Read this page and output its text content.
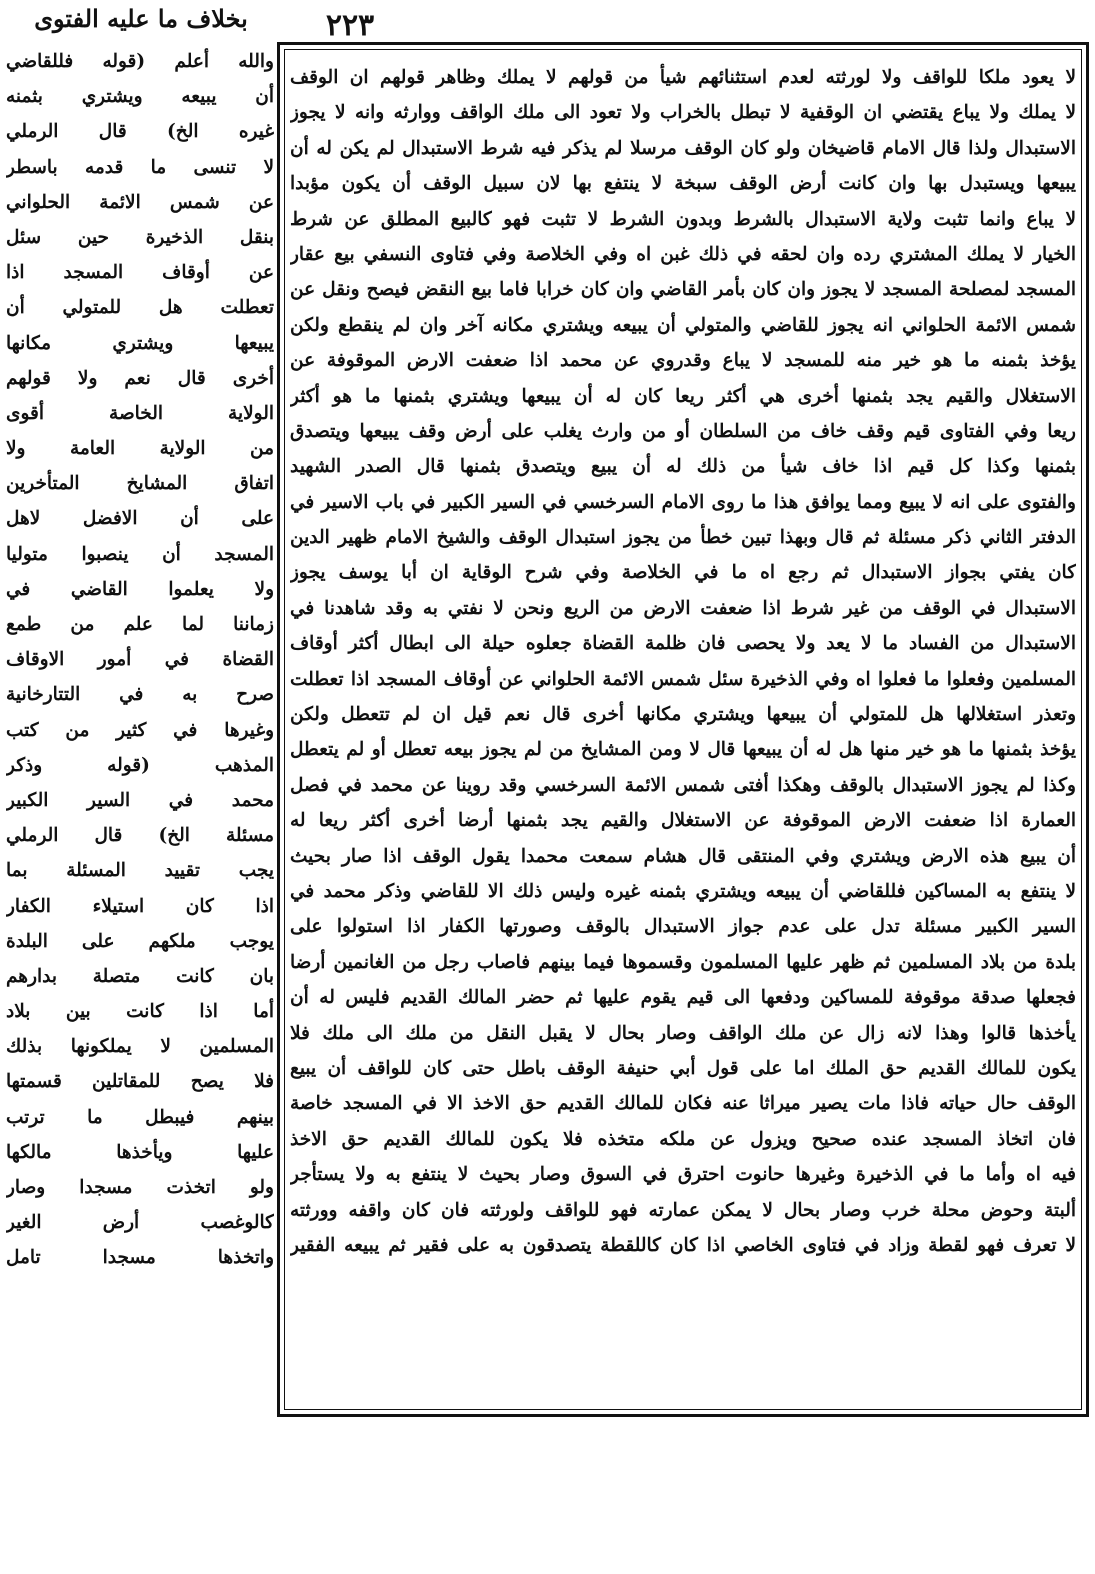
٢٢٣
بخلاف ما عليه الفتوى
لا يعود ملكا للواقف ولا لورثته لعدم استثنائهم شيأ من قولهم لا يملك وظاهر قولهم ان الوقف
لا يملك ولا يباع يقتضي ان الوقفية لا تبطل بالخراب ولا تعود الى ملك الواقف ووارثه وانه لا يجوز
الاستبدال ولذا قال الامام قاضيخان ولو كان الوقف مرسلا لم يذكر فيه شرط الاستبدال لم يكن له أن
يبيعها ويستبدل بها وان كانت أرض الوقف سبخة لا ينتفع بها لان سبيل الوقف أن يكون مؤبدا
لا يباع وانما تثبت ولاية الاستبدال بالشرط وبدون الشرط لا تثبت فهو كالبيع المطلق عن شرط
الخيار لا يملك المشتري رده وان لحقه في ذلك غبن اه وفي الخلاصة وفي فتاوى النسفي بيع عقار
المسجد لمصلحة المسجد لا يجوز وان كان بأمر القاضي وان كان خرابا فاما بيع النقض فيصح ونقل عن
شمس الائمة الحلواني انه يجوز للقاضي والمتولي أن يبيعه ويشتري مكانه آخر وان لم ينقطع ولكن
يؤخذ بثمنه ما هو خير منه للمسجد لا يباع وقدروي عن محمد اذا ضعفت الارض الموقوفة عن
الاستغلال والقيم يجد بثمنها أخرى هي أكثر ريعا كان له أن يبيعها ويشتري بثمنها ما هو أكثر
ريعا وفي الفتاوى قيم وقف خاف من السلطان أو من وارث يغلب على أرض وقف يبيعها ويتصدق
بثمنها وكذا كل قيم اذا خاف شيأ من ذلك له أن يبيع ويتصدق بثمنها قال الصدر الشهيد
والفتوى على انه لا يبيع ومما يوافق هذا ما روى الامام السرخسي في السير الكبير في باب الاسير في
الدفتر الثاني ذكر مسئلة ثم قال وبهذا تبين خطأ من يجوز استبدال الوقف والشيخ الامام ظهير الدين
كان يفتي بجواز الاستبدال ثم رجع اه ما في الخلاصة وفي شرح الوقاية ان أبا يوسف يجوز
الاستبدال في الوقف من غير شرط اذا ضعفت الارض من الريع ونحن لا نفتي به وقد شاهدنا في
الاستبدال من الفساد ما لا يعد ولا يحصى فان ظلمة القضاة جعلوه حيلة الى ابطال أكثر أوقاف
المسلمين وفعلوا ما فعلوا اه وفي الذخيرة سئل شمس الائمة الحلواني عن أوقاف المسجد اذا تعطلت
وتعذر استغلالها هل للمتولي أن يبيعها ويشتري مكانها أخرى قال نعم قيل ان لم تتعطل ولكن
يؤخذ بثمنها ما هو خير منها هل له أن يبيعها قال لا ومن المشايخ من لم يجوز بيعه تعطل أو لم يتعطل
وكذا لم يجوز الاستبدال بالوقف وهكذا أفتى شمس الائمة السرخسي وقد روينا عن محمد في فصل
العمارة اذا ضعفت الارض الموقوفة عن الاستغلال والقيم يجد بثمنها أرضا أخرى أكثر ريعا له
أن يبيع هذه الارض ويشتري وفي المنتقى قال هشام سمعت محمدا يقول الوقف اذا صار بحيث
لا ينتفع به المساكين فللقاضي أن يبيعه ويشتري بثمنه غيره وليس ذلك الا للقاضي وذكر محمد في
السير الكبير مسئلة تدل على عدم جواز الاستبدال بالوقف وصورتها الكفار اذا استولوا على
بلدة من بلاد المسلمين ثم ظهر عليها المسلمون وقسموها فيما بينهم فاصاب رجل من الغانمين أرضا
فجعلها صدقة موقوفة للمساكين ودفعها الى قيم يقوم عليها ثم حضر المالك القديم فليس له أن
يأخذها قالوا وهذا لانه زال عن ملك الواقف وصار بحال لا يقبل النقل من ملك الى ملك فلا
يكون للمالك القديم حق الملك اما على قول أبي حنيفة الوقف باطل حتى كان للواقف أن يبيع
الوقف حال حياته فاذا مات يصير ميراثا عنه فكان للمالك القديم حق الاخذ الا في المسجد خاصة
فان اتخاذ المسجد عنده صحيح ويزول عن ملكه متخذه فلا يكون للمالك القديم حق الاخذ
فيه اه وأما ما في الذخيرة وغيرها حانوت احترق في السوق وصار بحيث لا ينتفع به ولا يستأجر
ألبتة وحوض محلة خرب وصار بحال لا يمكن عمارته فهو للواقف ولورثته فان كان واقفه وورثته
لا تعرف فهو لقطة وزاد في فتاوى الخاصي اذا كان كاللقطة يتصدقون به على فقير ثم يبيعه الفقير
والله أعلم (قوله فللقاضي
أن يبيعه ويشتري بثمنه
غيره الخ) قال الرملي
لا تنسى ما قدمه باسطر
عن شمس الائمة الحلواني
بنقل الذخيرة حين سئل
عن أوقاف المسجد اذا
تعطلت هل للمتولي أن
يبيعها ويشتري مكانها
أخرى قال نعم ولا قولهم
الولاية الخاصة أقوى
من الولاية العامة ولا
اتفاق المشايخ المتأخرين
على أن الافضل لاهل
المسجد أن ينصبوا متوليا
ولا يعلموا القاضي في
زماننا لما علم من طمع
القضاة في أمور الاوقاف
صرح به في التتارخانية
وغيرها في كثير من كتب
المذهب (قوله وذكر
محمد في السير الكبير
مسئلة الخ) قال الرملي
يجب تقييد المسئلة بما
اذا كان استيلاء الكفار
يوجب ملكهم على البلدة
بان كانت متصلة بدارهم
أما اذا كانت بين بلاد
المسلمين لا يملكونها بذلك
فلا يصح للمقاتلين قسمتها
بينهم فيبطل ما ترتب
عليها ويأخذها مالكها
ولو اتخذت مسجدا وصار
كالوغصب أرض الغير
واتخذها مسجدا تامل
